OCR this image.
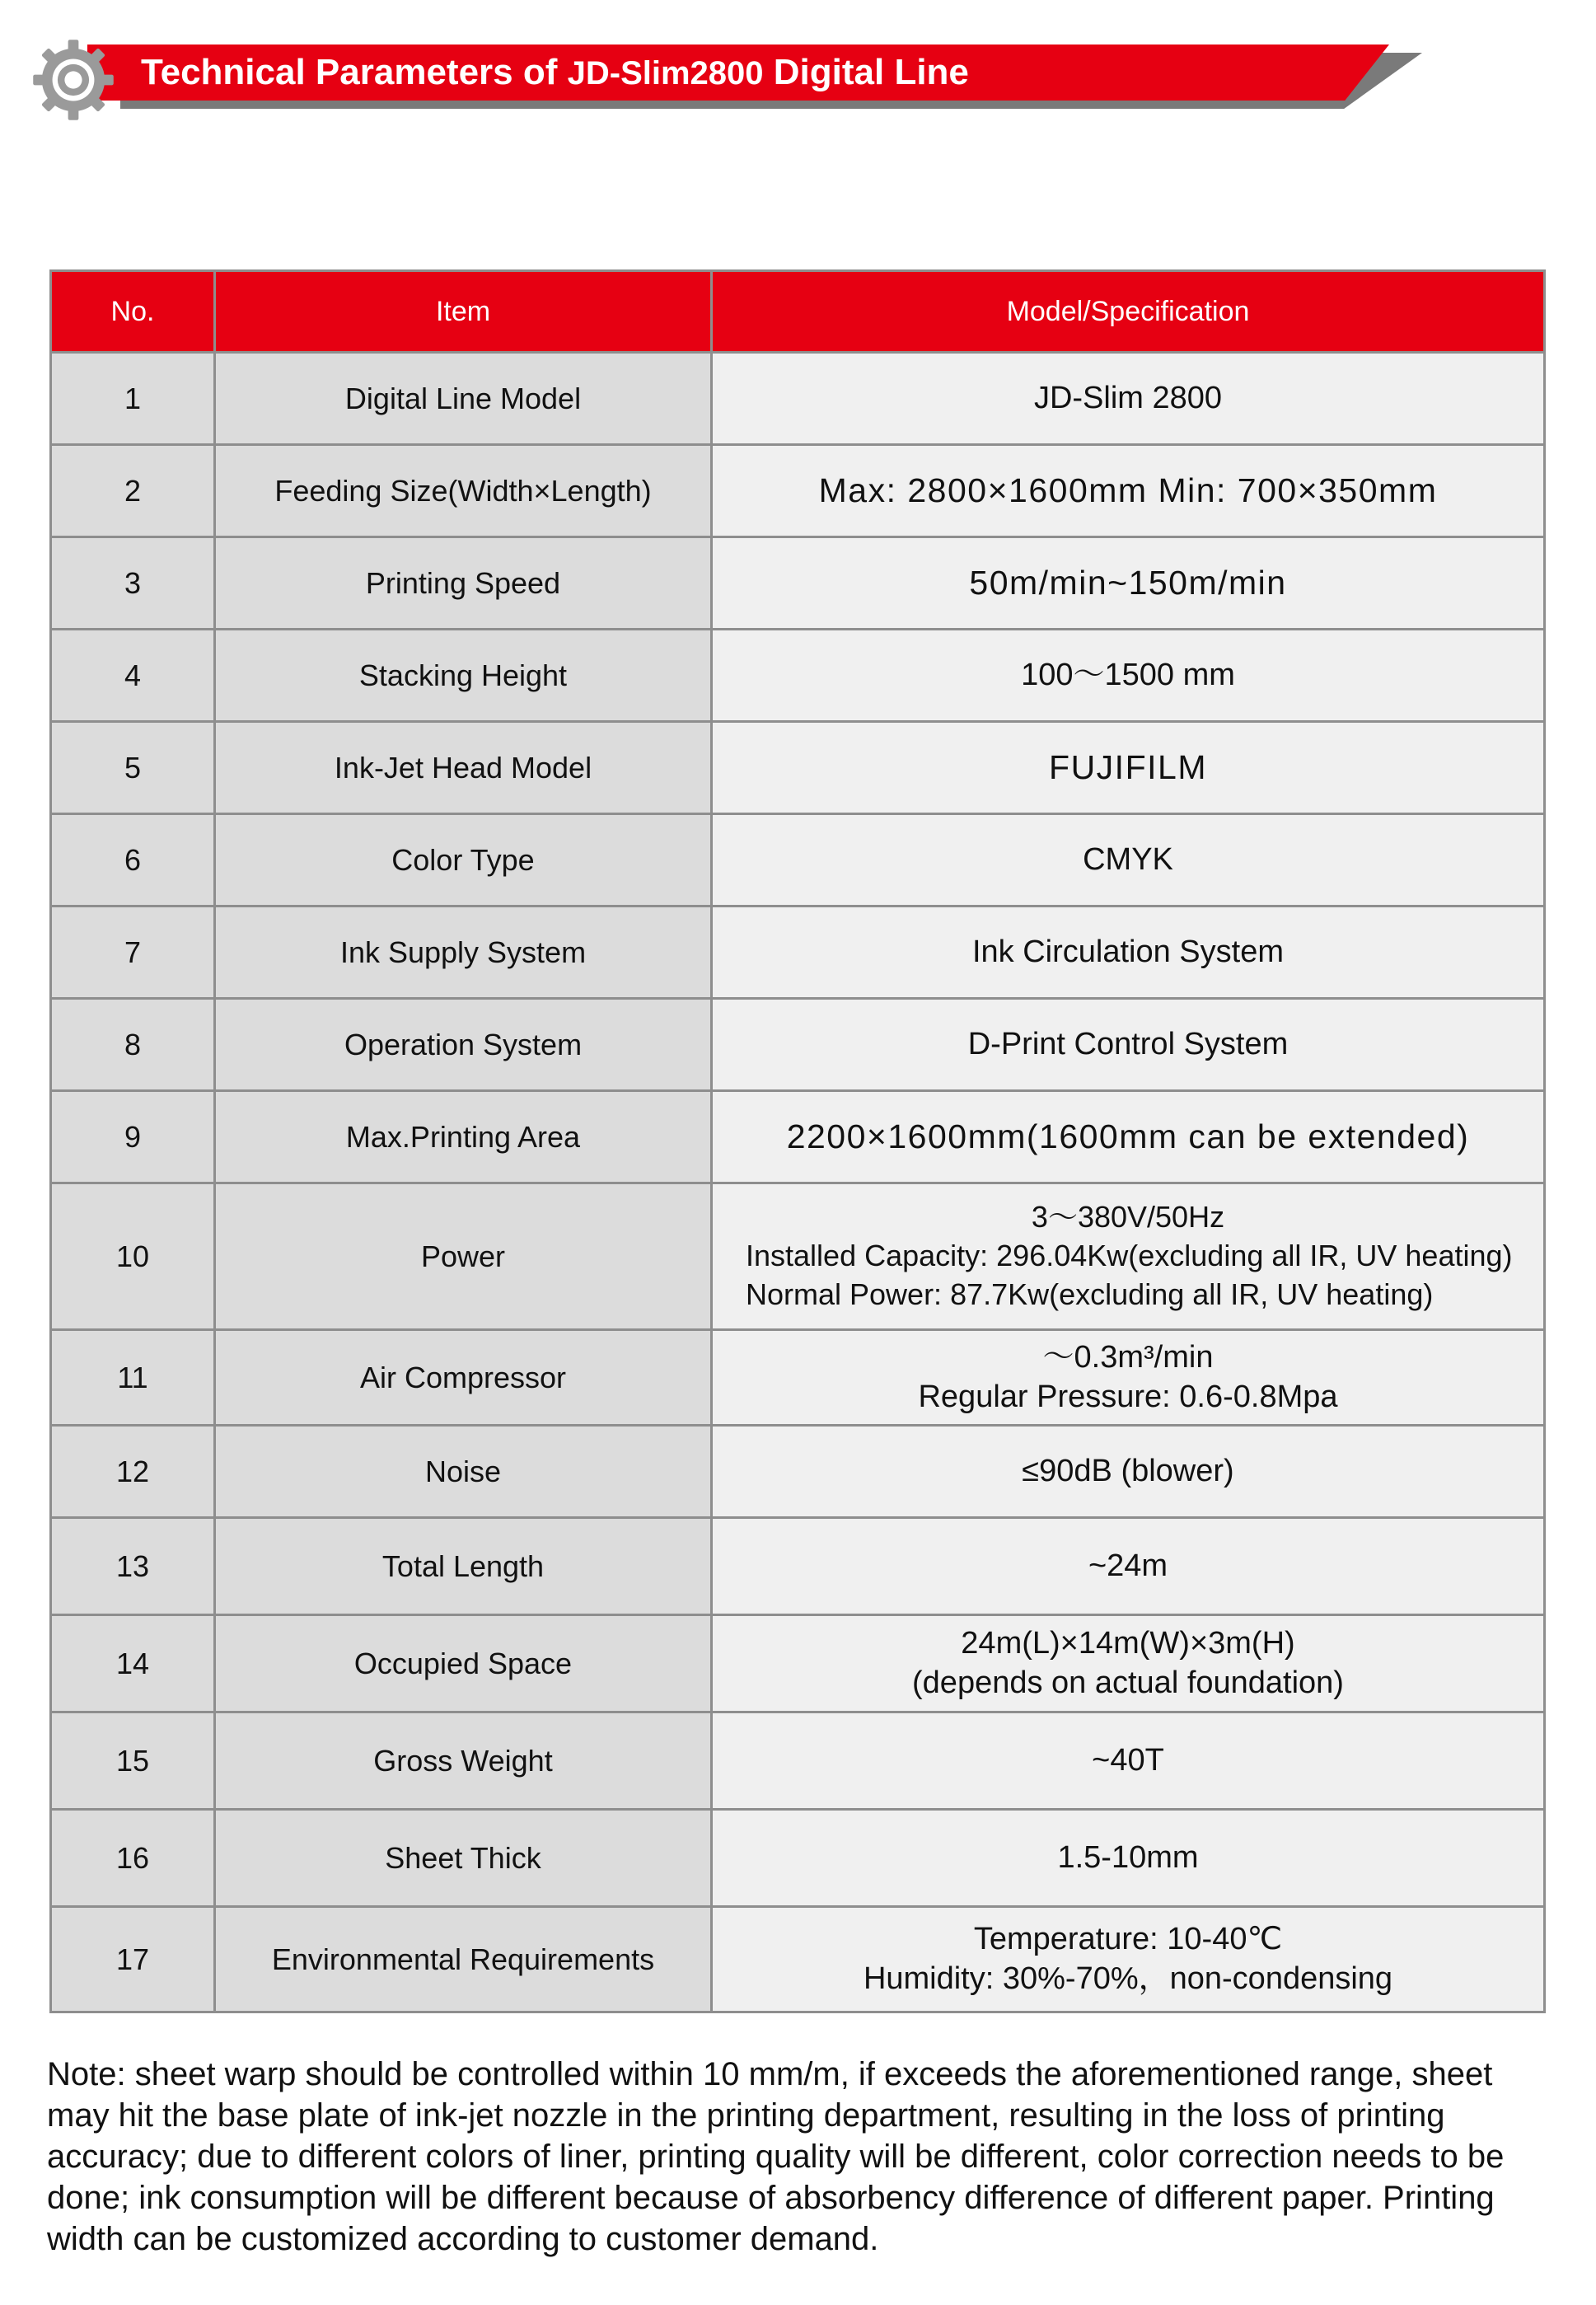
Technical Parameters of JD-Slim2800 Digital Line
No.	Item	Model/Specification
1	Digital Line Model	JD-Slim 2800
2	Feeding Size(Width×Length)	Max: 2800×1600mm Min: 700×350mm
3	Printing Speed	50m/min~150m/min
4	Stacking Height	100～1500 mm
5	Ink-Jet Head Model	FUJIFILM
6	Color Type	CMYK
7	Ink Supply System	Ink Circulation System
8	Operation System	D-Print Control System
9	Max.Printing Area	2200×1600mm(1600mm can be extended)
10	Power	3～380V/50Hz
Installed Capacity: 296.04Kw(excluding all IR, UV heating)
Normal Power: 87.7Kw(excluding all IR, UV heating)

11	Air Compressor	～0.3m³/min
Regular Pressure: 0.6-0.8Mpa

12	Noise	≤90dB (blower)
13	Total Length	~24m
14	Occupied Space	24m(L)×14m(W)×3m(H)
(depends on actual foundation)

15	Gross Weight	~40T
16	Sheet Thick	1.5-10mm
17	Environmental Requirements	Temperature: 10-40℃
Humidity: 30%-70%，non-condensing

Note: sheet warp should be controlled within 10 mm/m, if exceeds the aforementioned range, sheet may hit the base plate of ink-jet nozzle in the printing department, resulting in the loss of printing accuracy; due to different colors of liner, printing quality will be different, color correction needs to be done; ink consumption will be different because of absorbency difference of different paper. Printing width can be customized according to customer demand.
